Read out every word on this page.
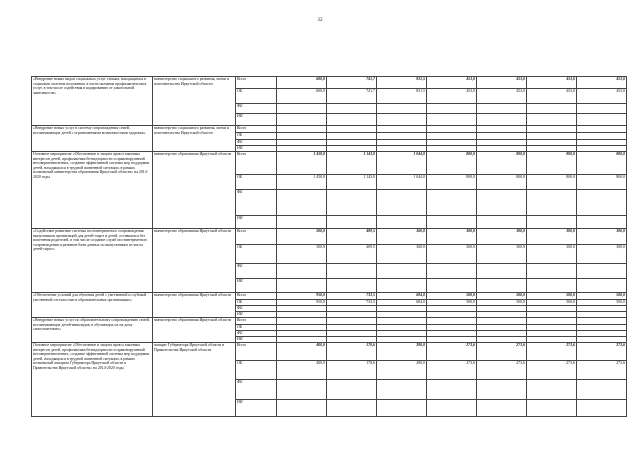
32
«Внедрение новых видов социальных услуг семьям, находящимся в социально опасном положении, в части оказания профилактических услуг, в том числе содействия в кодированию от алкогольной зависимости»	министерство социального развития, опеки и попечительства Иркутской области	Всего	600,0	741,7	831,5	453,0	453,0	453,0	453,0
		ОБ	600,0	741,7	831,5	453,0	453,0	453,0	453,0
		ФБ							
		НИ							
«Внедрение новых услуг в систему сопровождения семей, воспитывающих детей с ограниченными возможностями здоровья»	министерство социального развития, опеки и попечительства Иркутской области	Всего							
		ОБ							
		ФБ							
		НИ							
Основное мероприятие «Обеспечение и защита прав и законных интересов детей, профилактика безнадзорности и правонарушений несовершеннолетних, создание эффективной системы мер поддержки детей, находящихся в трудной жизненной ситуации, в рамках полномочий министерства образования Иркутской области» на 2014-2020 годы	министерство образования Иркутской области	Всего	1 450,0	1 143,0	1 044,0	800,0	800,0	800,0	800,0
		ОБ	1 450,0	1 143,0	1 044,0	800,0	800,0	800,0	800,0
		ФБ							
		НИ							
«Содействие развитию системы постинтернатного сопровождения выпускников организаций для детей-сирот и детей, оставшихся без попечения родителей, в том числе создание служб постинтернатного сопровождения и развитие базы данных по выпускникам из числа детей-сирот»	министерство образования Иркутской области	Всего	500,0	409,5	360,0	300,0	300,0	300,0	300,0
		ОБ	500,0	409,5	360,0	300,0	300,0	300,0	300,0
		ФБ							
		НИ							
«Обеспечение условий для обучения детей с умственной и глубокой умственной отсталостью в образовательных организациях»	министерство образования Иркутской области	Всего	950,0	733,5	684,0	500,0	500,0	500,0	500,0
		ОБ	950,0	733,5	684,0	500,0	500,0	500,0	500,0
		ФБ							
		НИ							
«Внедрение новых услуг по образовательному сопровождению семей, воспитывающих детей-инвалидов, в обучающих их на дому самостоятельно»	министерство образования Иркутской области	Всего							
		ОБ							
		ФБ							
		НИ							
Основное мероприятие «Обеспечение и защита прав и законных интересов детей, профилактика безнадзорности и правонарушений несовершеннолетних, создание эффективной системы мер поддержки детей, находящихся в трудной жизненной ситуации, в рамках полномочий аппарата Губернатора Иркутской области и Правительства Иркутской области» на 2014-2020 годы	аппарат Губернатора Иркутской области и Правительства Иркутской области	Всего	400,0	170,6	280,0	273,6	273,6	273,6	273,6
		ОБ	400,0	170,6	280,0	273,6	273,6	273,6	273,6
		ФБ							
		НИ							
